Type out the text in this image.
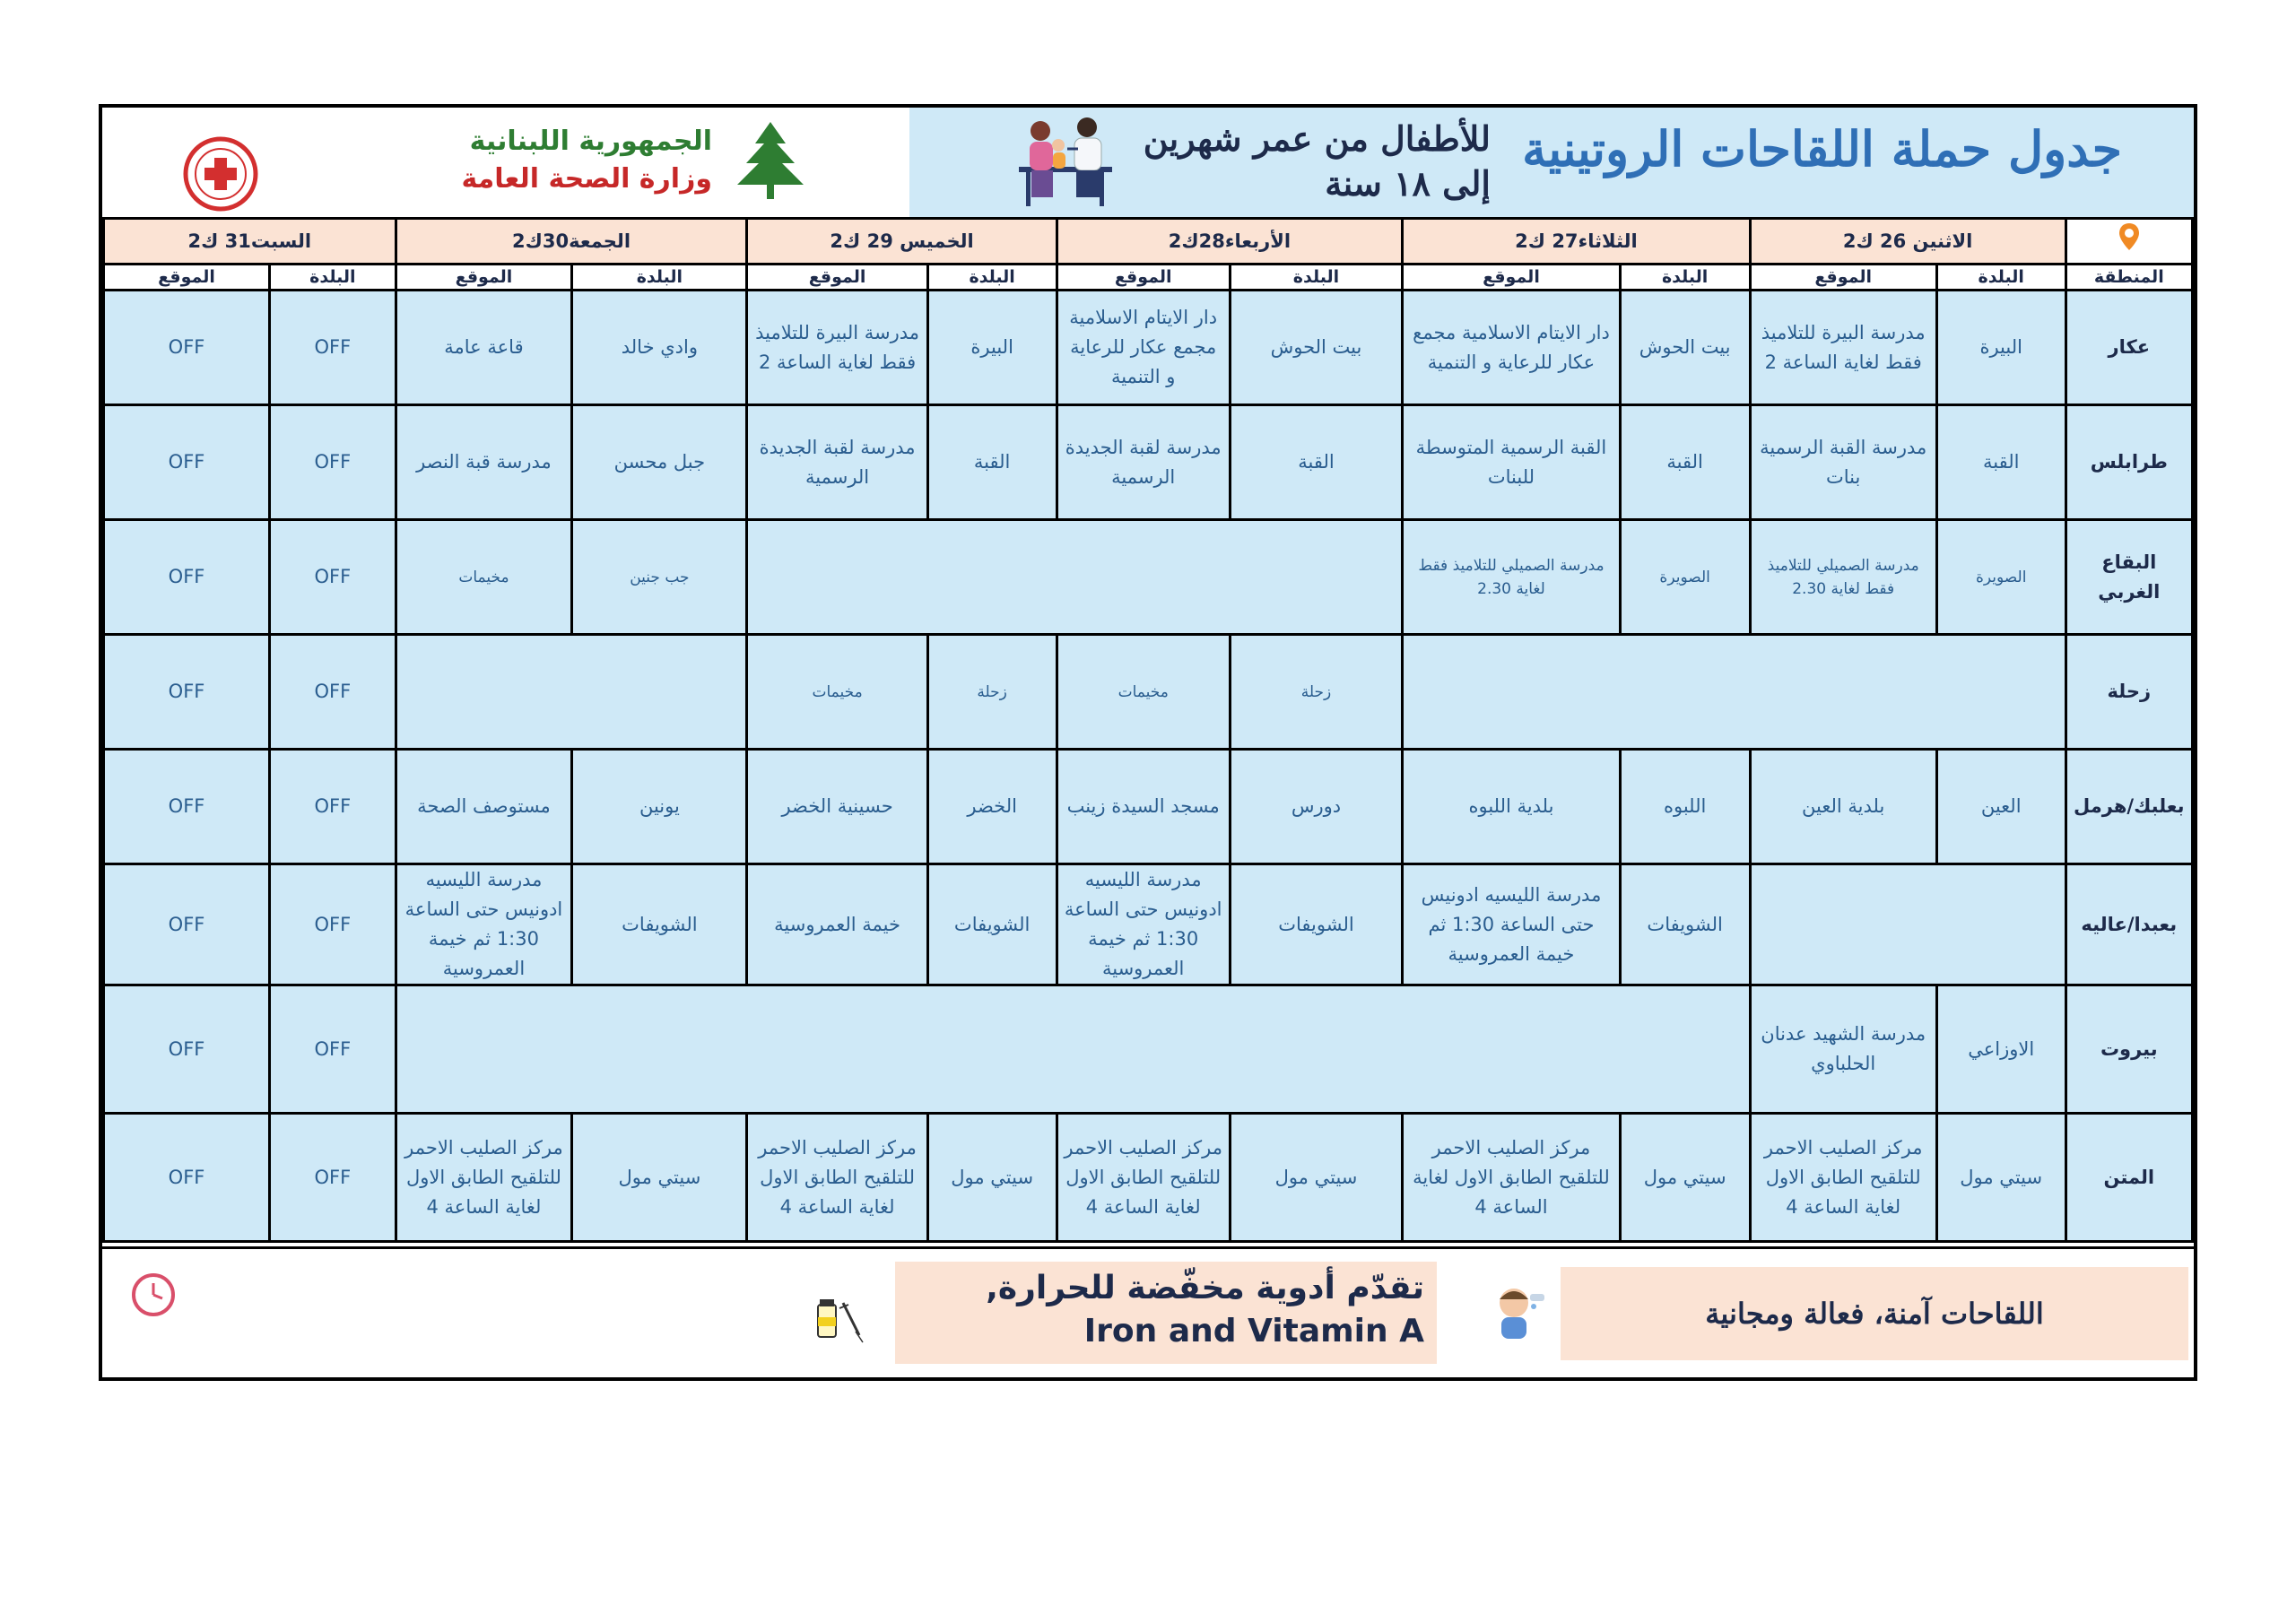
جدول حملة اللقاحات الروتينية
للأطفال من عمر شهرين
إلى ١٨ سنة
الجمهورية اللبنانية
وزارة الصحة العامة
	الاثنين 26 ك2		الثلاثاء27 ك2		الأربعاء28ك2		الخميس 29 ك2		الجمعة30ك2		السبت31 ك2	
المنطقة	البلدة	الموقع	البلدة	الموقع	البلدة	الموقع	البلدة	الموقع	البلدة	الموقع	البلدة	الموقع
عكار	البيرة	مدرسة البيرة للتلاميذ فقط لغاية الساعة 2	بيت الحوش	دار الايتام الاسلامية مجمع عكار للرعاية و التنمية	بيت الحوش	دار الايتام الاسلامية مجمع عكار للرعاية و التنمية	البيرة	مدرسة البيرة للتلاميذ فقط لغاية الساعة 2	وادي خالد	قاعة عامة	OFF	OFF
طرابلس	القبة	مدرسة القبة الرسمية بنات	القبة	القبة الرسمية المتوسطة للبنات	القبة	مدرسة لقبة الجديدة الرسمية	القبة	مدرسة لقبة الجديدة الرسمية	جبل محسن	مدرسة قبة النصر	OFF	OFF
البقاع الغربي	الصويرة	مدرسة الصميلي للتلاميذ فقط لغاية 2.30	الصويرة	مدرسة الصميلي للتلاميذ فقط لغاية 2.30					جب جنين	مخيمات	OFF	OFF
زحلة					زحلة	مخيمات	زحلة	مخيمات			OFF	OFF
بعلبك/هرمل	العين	بلدية العين	اللبوه	بلدية اللبوه	دورس	مسجد السيدة زينب	الخضر	حسينية الخضر	يونين	مستوصف الصحة	OFF	OFF
بعبدا/عاليه			الشويفات	مدرسة الليسيه ادونيس حتى الساعة 1:30 ثم خيمة العمروسية	الشويفات	مدرسة الليسيه ادونيس حتى الساعة 1:30 ثم خيمة العمروسية	الشويفات	خيمة العمروسية	الشويفات	مدرسة الليسيه ادونيس حتى الساعة 1:30 ثم خيمة العمروسية	OFF	OFF
بيروت	الاوزاعي	مدرسة الشهيد عدنان الحلباوي									OFF	OFF
المتن	سيتي مول	مركز الصليب الاحمر للتلقيح الطابق الاول لغاية الساعة 4	سيتي مول	مركز الصليب الاحمر للتلقيح الطابق الاول لغاية الساعة 4	سيتي مول	مركز الصليب الاحمر للتلقيح الطابق الاول لغاية الساعة 4	سيتي مول	مركز الصليب الاحمر للتلقيح الطابق الاول لغاية الساعة 4	سيتي مول	مركز الصليب الاحمر للتلقيح الطابق الاول لغاية الساعة 4	OFF	OFF
اللقاحات آمنة، فعالة ومجانية
تقدّم أدوية مخفّضة للحرارة, Iron and Vitamin A
